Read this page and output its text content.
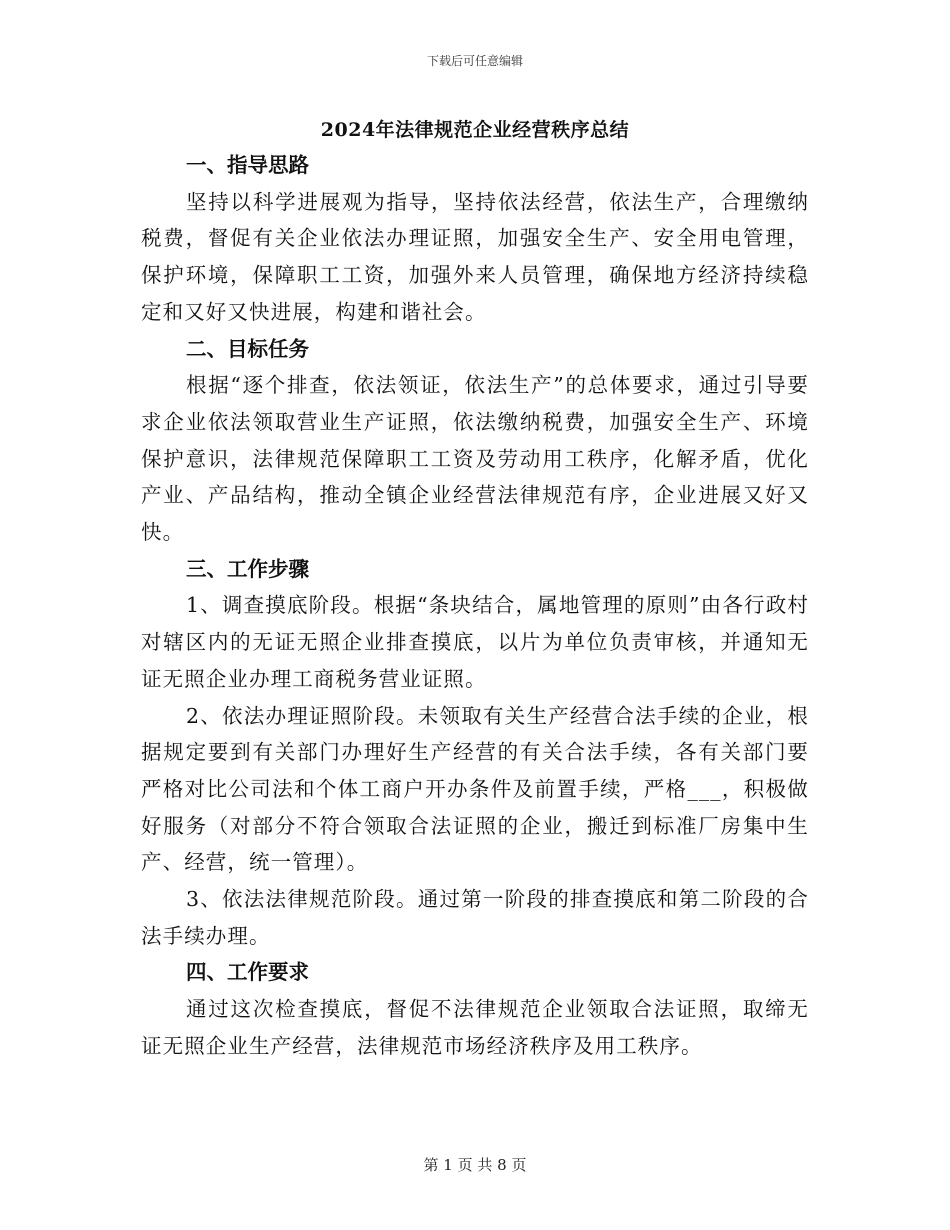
下载后可任意编辑
2024年法律规范企业经营秩序总结

一、指导思路

坚持以科学进展观为指导，坚持依法经营，依法生产，合理缴纳税费，督促有关企业依法办理证照，加强安全生产、安全用电管理，保护环境，保障职工工资，加强外来人员管理，确保地方经济持续稳定和又好又快进展，构建和谐社会。

二、目标任务

根据“逐个排查，依法领证，依法生产”的总体要求，通过引导要求企业依法领取营业生产证照，依法缴纳税费，加强安全生产、环境保护意识，法律规范保障职工工资及劳动用工秩序，化解矛盾，优化产业、产品结构，推动全镇企业经营法律规范有序，企业进展又好又快。

三、工作步骤

1、调查摸底阶段。根据“条块结合，属地管理的原则”由各行政村对辖区内的无证无照企业排查摸底，以片为单位负责审核，并通知无证无照企业办理工商税务营业证照。

2、依法办理证照阶段。未领取有关生产经营合法手续的企业，根据规定要到有关部门办理好生产经营的有关合法手续，各有关部门要严格对比公司法和个体工商户开办条件及前置手续，严格___，积极做好服务（对部分不符合领取合法证照的企业，搬迁到标准厂房集中生产、经营，统一管理）。

3、依法法律规范阶段。通过第一阶段的排查摸底和第二阶段的合法手续办理。

四、工作要求

通过这次检查摸底，督促不法律规范企业领取合法证照，取缔无证无照企业生产经营，法律规范市场经济秩序及用工秩序。

第 1 页 共 8 页
